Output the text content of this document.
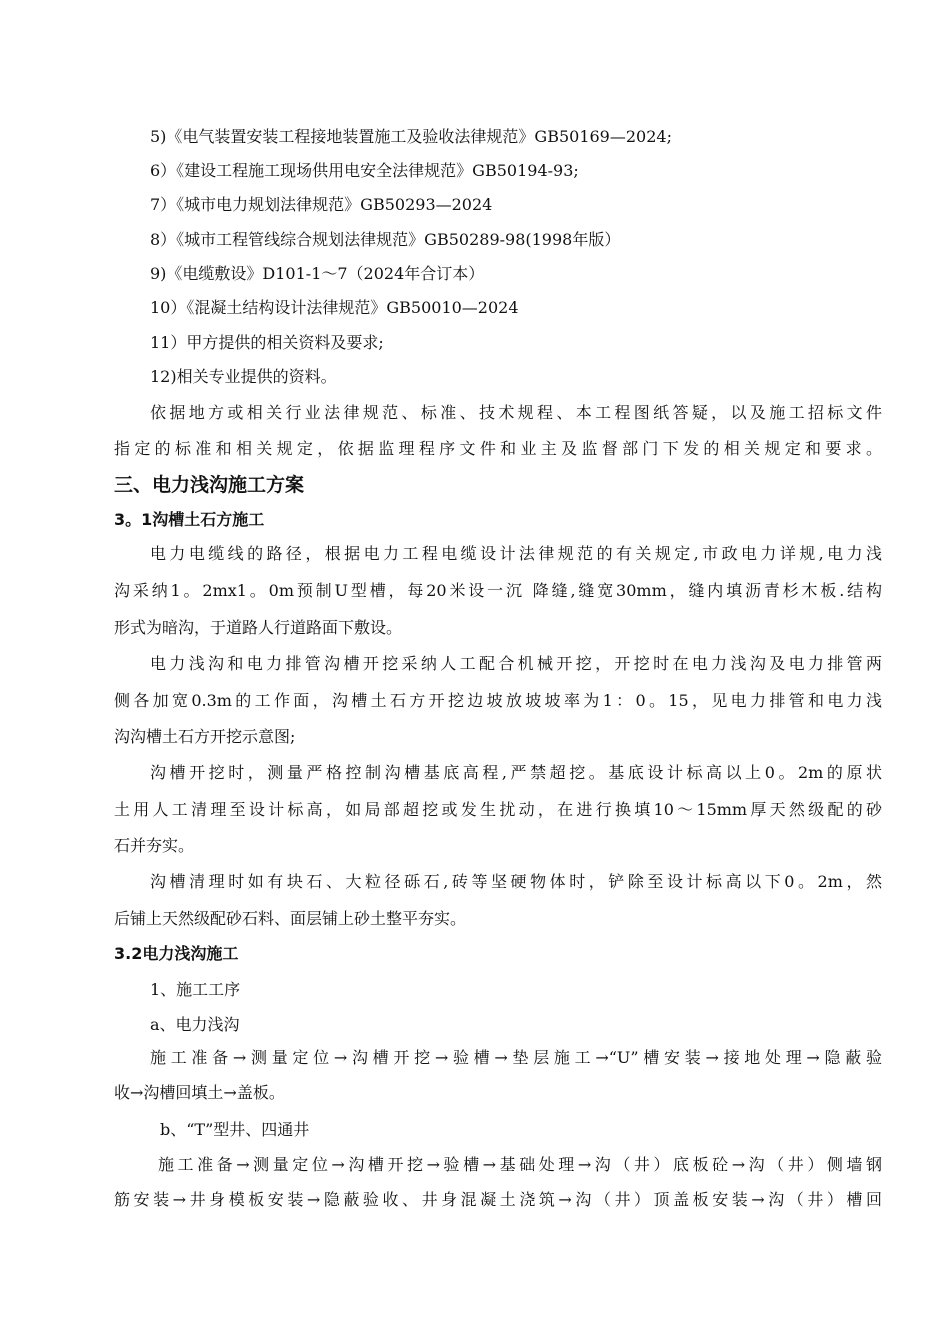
5)《电气装置安装工程接地装置施工及验收法律规范》GB50169—2024;
6）《建设工程施工现场供用电安全法律规范》GB50194-93;
7）《城市电力规划法律规范》GB50293—2024
8）《城市工程管线综合规划法律规范》GB50289-98(1998年版）
9)《电缆敷设》D101-1～7（2024年合订本）
10）《混凝土结构设计法律规范》GB50010—2024
11）甲方提供的相关资料及要求;
12)相关专业提供的资料。
依据地方或相关行业法律规范、标准、技术规程、本工程图纸答疑，以及施工招标文件
指定的标准和相关规定，依据监理程序文件和业主及监督部门下发的相关规定和要求。
三、电力浅沟施工方案
3。1沟槽土石方施工
电力电缆线的路径，根据电力工程电缆设计法律规范的有关规定,市政电力详规,电力浅
沟采纳1。2mx1。0m预制U型槽，每20米设一沉 降缝,缝宽30mm，缝内填沥青杉木板.结构
形式为暗沟，于道路人行道路面下敷设。
电力浅沟和电力排管沟槽开挖采纳人工配合机械开挖，开挖时在电力浅沟及电力排管两
侧各加宽0.3m的工作面，沟槽土石方开挖边坡放坡坡率为1：0。15，见电力排管和电力浅
沟沟槽土石方开挖示意图;
沟槽开挖时，测量严格控制沟槽基底高程,严禁超挖。基底设计标高以上0。2m的原状
土用人工清理至设计标高，如局部超挖或发生扰动，在进行换填10～15mm厚天然级配的砂
石并夯实。
沟槽清理时如有块石、大粒径砾石,砖等坚硬物体时，铲除至设计标高以下0。2m，然
后铺上天然级配砂石料、面层铺上砂土整平夯实。
3.2电力浅沟施工
1、施工工序
a、电力浅沟
施工准备→测量定位→沟槽开挖→验槽→垫层施工→“U”槽安装→接地处理→隐蔽验
收→沟槽回填土→盖板。
b、“T”型井、四通井
施工准备→测量定位→沟槽开挖→验槽→基础处理→沟（井）底板砼→沟（井）侧墙钢
筋安装→井身模板安装→隐蔽验收、井身混凝土浇筑→沟（井）顶盖板安装→沟（井）槽回
